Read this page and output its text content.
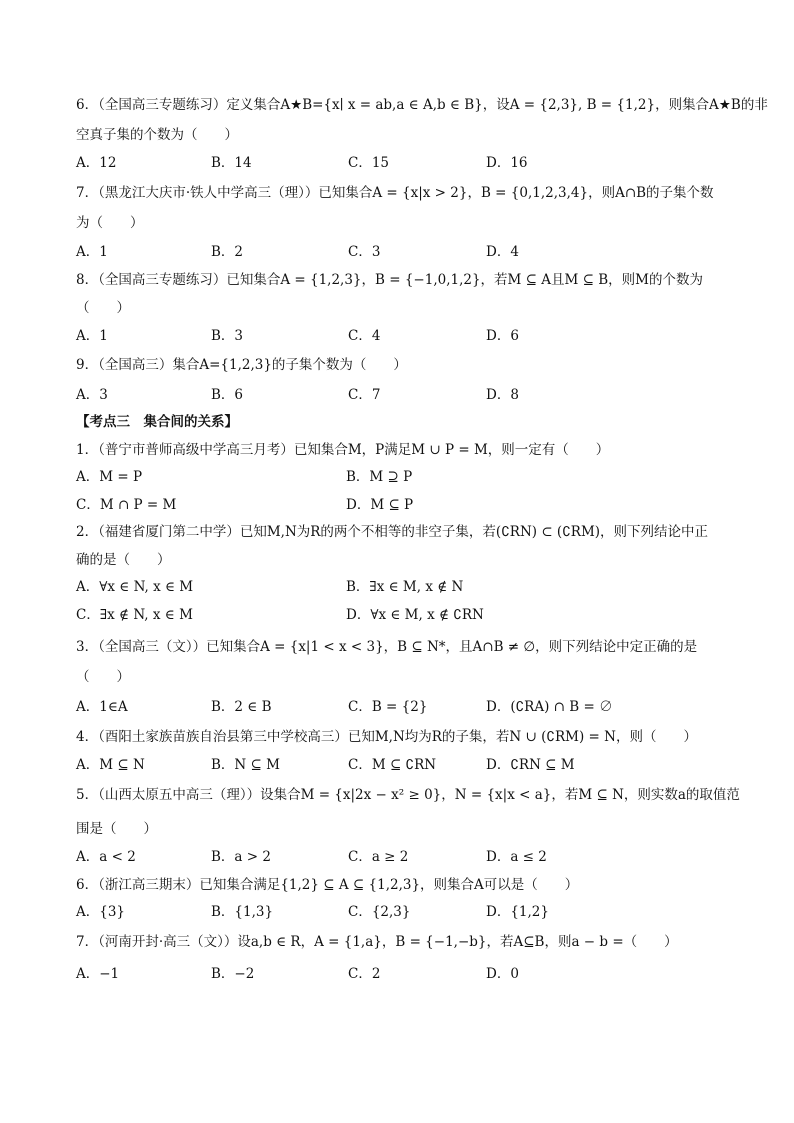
6．（全国高三专题练习）定义集合A★B={x∣ x = ab,a ∈ A,b ∈ B}，设A = {2,3}, B = {1,2}，则集合A★B的非
空真子集的个数为（　　）
A．12	B．14	C．15	D．16
7．（黑龙江大庆市·铁人中学高三（理））已知集合A = {x|x > 2}，B = {0,1,2,3,4}，则A∩B的子集个数
为（　　）
A．1	B．2	C．3	D．4
8．（全国高三专题练习）已知集合A = {1,2,3}，B = {−1,0,1,2}，若M ⊆ A且M ⊆ B，则M的个数为
（　　）
A．1	B．3	C．4	D．6
9．（全国高三）集合A={1,2,3}的子集个数为（　　）
A．3	B．6	C．7	D．8
【考点三　集合间的关系】
1．（普宁市普师高级中学高三月考）已知集合M，P满足M ∪ P = M，则一定有（　　）
A．M = P	B．M ⊇ P
C．M ∩ P = M	D．M ⊆ P
2．（福建省厦门第二中学）已知M,N为R的两个不相等的非空子集，若(∁RN) ⊂ (∁RM)，则下列结论中正
确的是（　　）
A．∀x ∈ N, x ∈ M	B．∃x ∈ M, x ∉ N
C．∃x ∉ N, x ∈ M	D．∀x ∈ M, x ∉ ∁RN
3．（全国高三（文））已知集合A = {x|1 < x < 3}，B ⊆ N*，且A∩B ≠ ∅，则下列结论中定正确的是
（　　）
A．1∈A	B．2 ∈ B	C．B = {2}	D．(∁RA) ∩ B = ∅
4．（酉阳土家族苗族自治县第三中学校高三）已知M,N均为R的子集，若N ∪ (∁RM) = N，则（　　）
A．M ⊆ N	B．N ⊆ M	C．M ⊆ ∁RN	D．∁RN ⊆ M
5．（山西太原五中高三（理））设集合M = {x|2x − x² ≥ 0}，N = {x|x < a}，若M ⊆ N，则实数a的取值范
围是（　　）
A．a < 2	B．a > 2	C．a ≥ 2	D．a ≤ 2
6．（浙江高三期末）已知集合满足{1,2} ⊆ A ⊆ {1,2,3}，则集合A可以是（　　）
A．{3}	B．{1,3}	C．{2,3}	D．{1,2}
7．（河南开封·高三（文））设a,b ∈ R，A = {1,a}，B = {−1,−b}，若A⊆B，则a − b =（　　）
A．−1	B．−2	C．2	D．0
